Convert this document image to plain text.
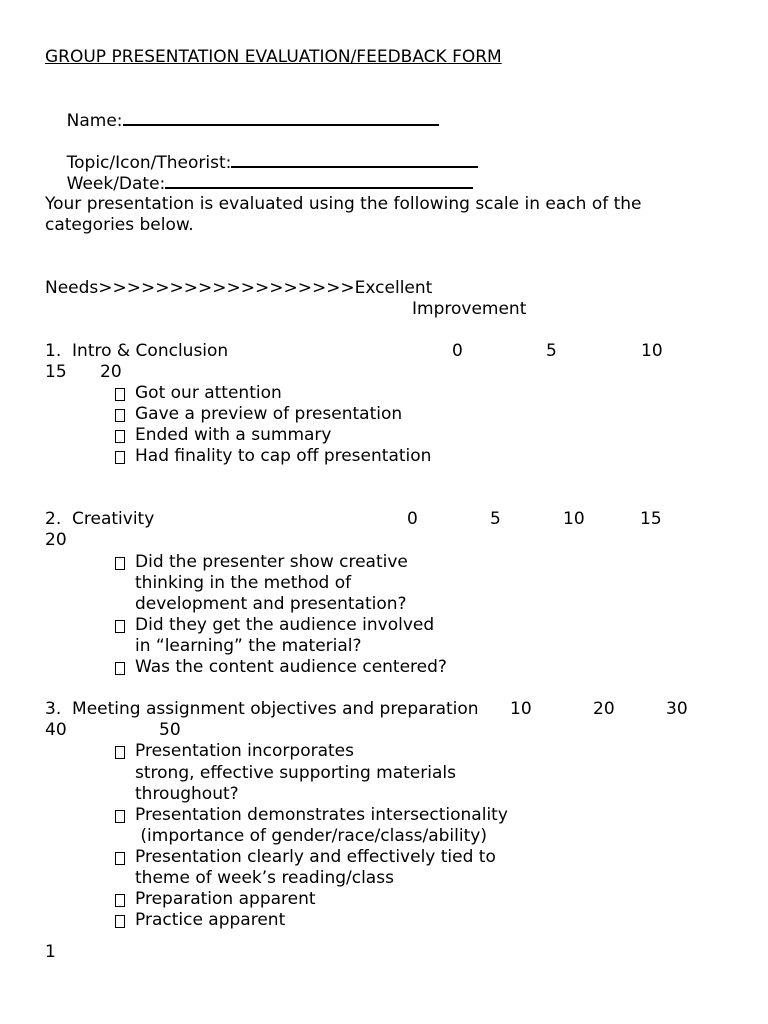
GROUP PRESENTATION EVALUATION/FEEDBACK FORM

Name:

Topic/Icon/Theorist:

Week/Date:

Your presentation is evaluated using the following scale in each of the
categories below.
Needs>>>>>>>>>>>>>>>>>>Excellent
Improvement
1.  Intro & Conclusion	0	5	10
15 20
Got our attention
Gave a preview of presentation
Ended with a summary
Had finality to cap off presentation
2.  Creativity	0	5	10	15
20
Did the presenter show creative
thinking in the method of
development and presentation?
Did they get the audience involved
in “learning” the material?
Was the content audience centered?
3.  Meeting assignment objectives and preparation 10	20	30
40	50
Presentation incorporates
strong, effective supporting materials
throughout?
Presentation demonstrates intersectionality
(importance of gender/race/class/ability)
Presentation clearly and effectively tied to
theme of week’s reading/class
Preparation apparent
Practice apparent
1
